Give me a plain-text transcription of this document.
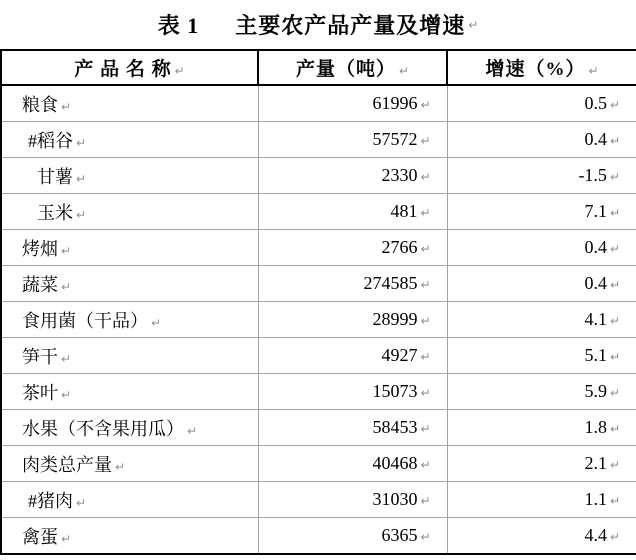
表 1 主要农产品产量及增速 ↵
产 品 名 称 ↵	产量（吨） ↵	增速（%） ↵
粮食 ↵	61996 ↵	0.5 ↵
#稻谷 ↵	57572 ↵	0.4 ↵
甘薯 ↵	2330 ↵	-1.5 ↵
玉米 ↵	481 ↵	7.1 ↵
烤烟 ↵	2766 ↵	0.4 ↵
蔬菜 ↵	274585 ↵	0.4 ↵
食用菌（干品） ↵	28999 ↵	4.1 ↵
笋干 ↵	4927 ↵	5.1 ↵
茶叶 ↵	15073 ↵	5.9 ↵
水果（不含果用瓜） ↵	58453 ↵	1.8 ↵
肉类总产量 ↵	40468 ↵	2.1 ↵
#猪肉 ↵	31030 ↵	1.1 ↵
禽蛋 ↵	6365 ↵	4.4 ↵
